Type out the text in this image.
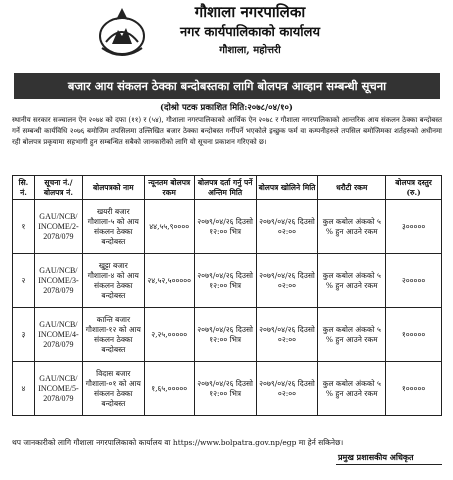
गौशाला नगरपालिका
नगर कार्यपालिकाको कार्यालय
गौशाला, महोत्तरी
बजार आय संकलन ठेक्का बन्दोबस्तका लागि बोलपत्र आव्हान सम्बन्धी सूचना
(दोश्रो पटक प्रकाशित मिति:२०७८/०४/१०)
स्थानीय सरकार सञ्चालन ऐन २०७४ को दफा (११) र (५४), गौशाला नगरपालिकाको आर्थिक ऐन २०७८ र गौशाला नगरपालिकाको आन्तरिक आय संकलन ठेक्का बन्दोबस्त गर्ने सम्बन्धी कार्यविधि २०७६ बमोजिम तपसिलमा उल्लिखित बजार ठेक्का बन्दोबस्त गर्नीपर्ने भएकोले इच्छुक फर्म वा कम्पनीहरुले तपसिल बमोजिमका शर्तहरुको अधीनमा रही बोलपत्र प्रकृयामा सहभागी हुन सम्बन्धित सबैको जानकारीको लागि यो सूचना प्रकाशन गरिएको छ।
सि. नं.	सूचना नं./ बोलपत्र नं.	बोलपत्रको नाम	न्यूनतम बोलपत्र रकम	बोलपत्र दर्ता गर्नु पर्ने अन्तिम मिति	बोलपत्र खोलिने मिति	धरौटी रकम	बोलपत्र दस्तुर (रु.)
१	GAU/NCB/ INCOME/2- 2078/079	खयरी बजार गौशाला-५ को आय संकलन ठेक्का बन्दोबस्त	४४,५५,९००००	२०७९/०४/२६ दिउसो १२:०० भित्र	२०७९/०४/२६ दिउसो ०२:००	कुल कबोल अंकको ५ % हुन आउने रकम	३०००००
२	GAU/NCB/ INCOME/3- 2078/079	खुट्टा बजार गौशाला-४ को आय संकलन ठेक्का बन्दोबस्त	२४,५२,५०००००	२०७९/०४/२६ दिउसो १२:०० भित्र	२०७९/०४/२६ दिउसो ०२:००	कुल कबोल अंकको ५ % हुन आउने रकम	२०००००
३	GAU/NCB/ INCOME/4- 2078/079	कान्ति बजार गौशाला-१२ को आय संकलन ठेक्का बन्दोबस्त	२,२५,०००००	२०७९/०४/२६ दिउसो १२:०० भित्र	२०७९/०४/२६ दिउसो ०२:००	कुल कबोल अंकको ५ % हुन आउने रकम	१०००००
४	GAU/NCB/ INCOME/5- 2078/079	विदास बजार गौशाला-०१ को आय संकलन ठेक्का बन्दोबस्त	१,६५,०००००	२०७९/०४/२६ दिउसो १२:०० भित्र	२०७९/०४/२६ दिउसो ०२:००	कुल कबोल अंकको ५ % हुन आउने रकम	१०००००
थप जानकारीको लागि गौशाला नगरपालिकाको कार्यालय वा https://www.bolpatra.gov.np/egp मा हेर्न सकिनेछ।
प्रमुख प्रशासकीय अधिकृत
